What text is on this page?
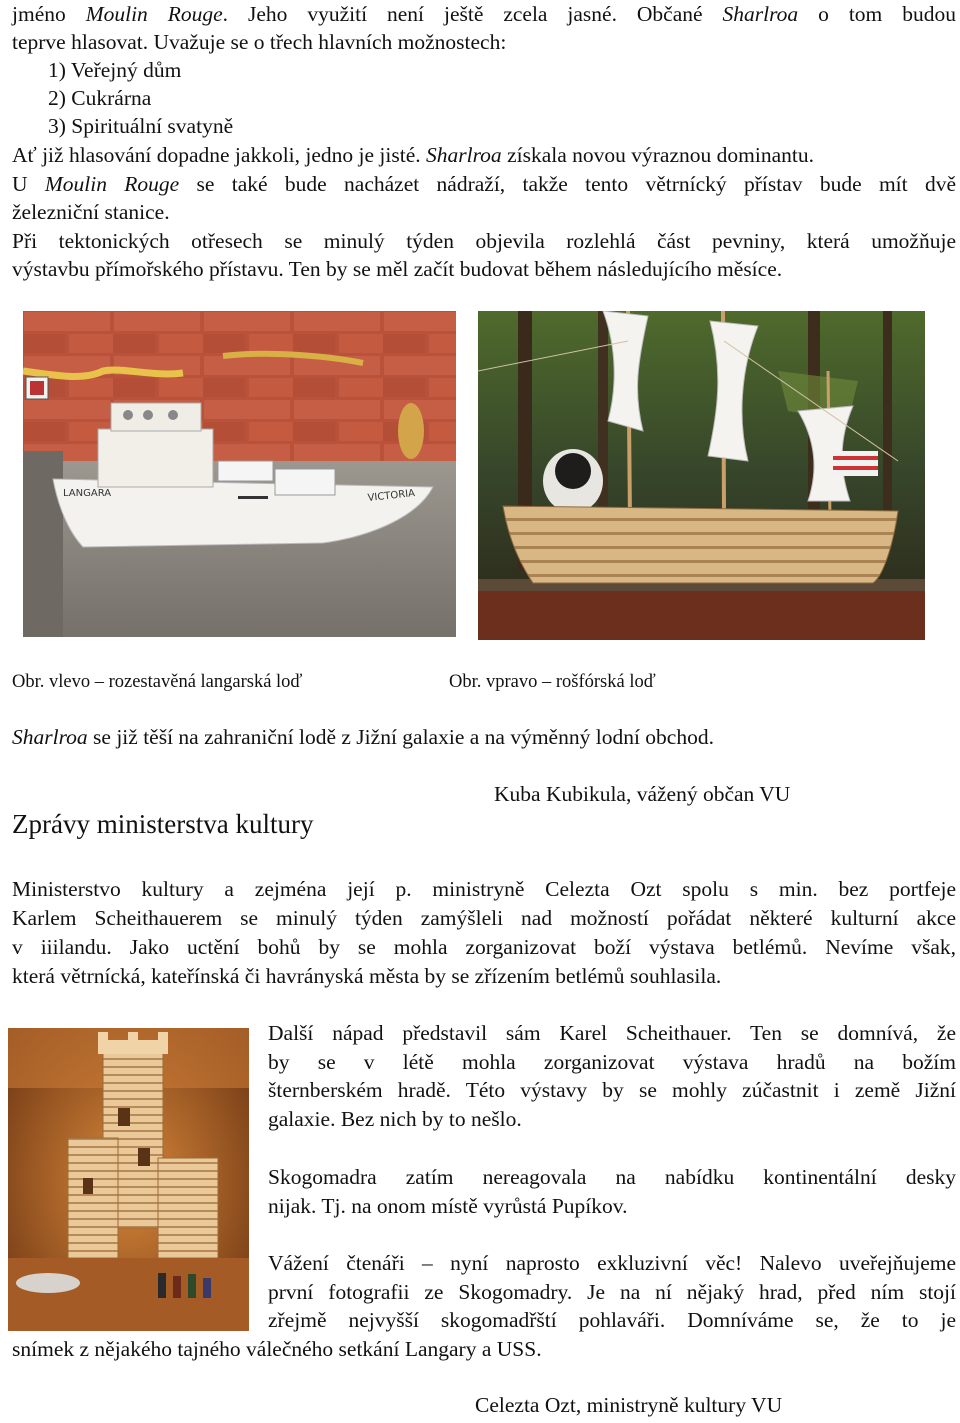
jméno Moulin Rouge. Jeho využití není ještě zcela jasné. Občané Sharlroa o tom budou
teprve hlasovat. Uvažuje se o třech hlavních možnostech:
1) Veřejný dům
2) Cukrárna
3) Spirituální svatyně
Ať již hlasování dopadne jakkoli, jedno je jisté. Sharlroa získala novou výraznou dominantu.
U Moulin Rouge se také bude nacházet nádraží, takže tento větrnícký přístav bude mít dvě
železniční stanice.
Při tektonických otřesech se minulý týden objevila rozlehlá část pevniny, která umožňuje
výstavbu přímořského přístavu. Ten by se měl začít budovat během následujícího měsíce.
LANGARA	VICTORIA
Obr. vlevo – rozestavěná langarská loď	Obr. vpravo – rošfórská loď
Sharlroa se již těší na zahraniční lodě z Jižní galaxie a na výměnný lodní obchod.
Kuba Kubikula, vážený občan VU
Zprávy ministerstva kultury
Ministerstvo kultury a zejména její p. ministryně Celezta Ozt spolu s min. bez portfeje
Karlem Scheithauerem se minulý týden zamýšleli nad možností pořádat některé kulturní akce
v iiilandu. Jako uctění bohů by se mohla zorganizovat boží výstava betlémů. Nevíme však,
která větrnícká, kateřínská či havrányská města by se zřízením betlémů souhlasila.
Další nápad představil sám Karel Scheithauer. Ten se domnívá, že
by se v létě mohla zorganizovat výstava hradů na božím
šternberském hradě. Této výstavy by se mohly zúčastnit i země Jižní
galaxie. Bez nich by to nešlo.
Skogomadra zatím nereagovala na nabídku kontinentální desky
nijak. Tj. na onom místě vyrůstá Pupíkov.
Vážení čtenáři – nyní naprosto exkluzivní věc! Nalevo uveřejňujeme
první fotografii ze Skogomadry. Je na ní nějaký hrad, před ním stojí
zřejmě nejvyšší skogomadřští pohlaváři. Domníváme se, že to je
snímek z nějakého tajného válečného setkání Langary a USS.
Celezta Ozt, ministryně kultury VU
